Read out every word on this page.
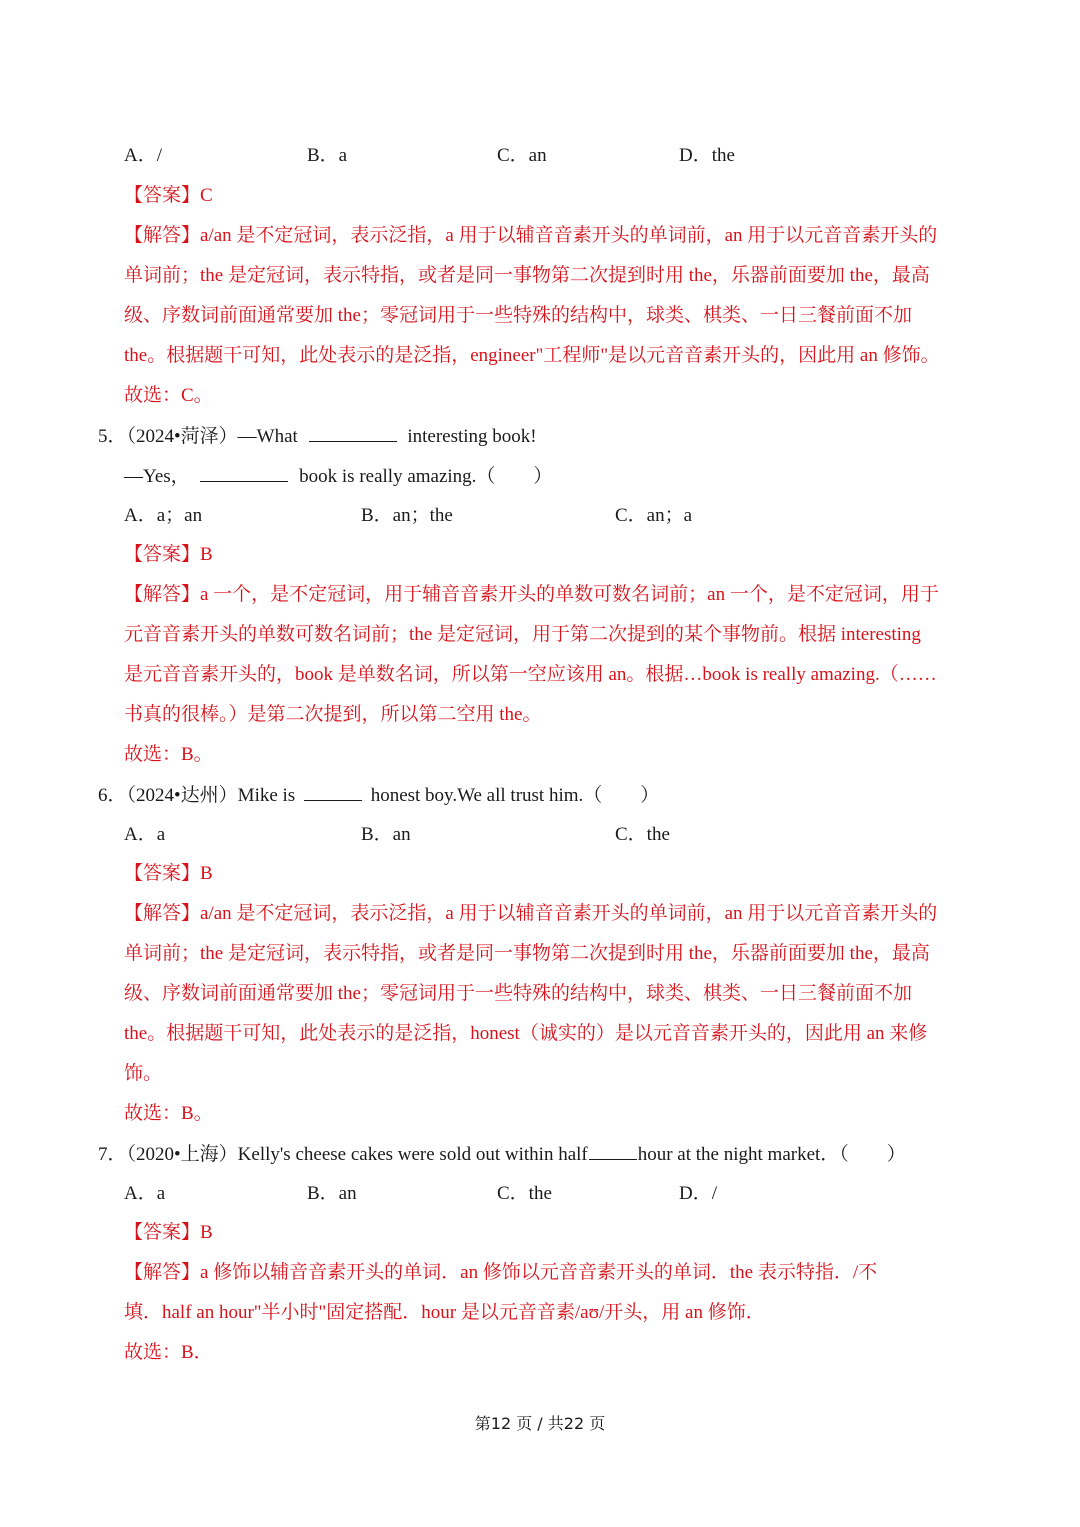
A．/	B．a	C．an	D．the
【答案】C
【解答】a/an 是不定冠词，表示泛指，a 用于以辅音音素开头的单词前，an 用于以元音音素开头的
单词前；the 是定冠词，表示特指，或者是同一事物第二次提到时用 the，乐器前面要加 the，最高
级、序数词前面通常要加 the；零冠词用于一些特殊的结构中，球类、棋类、一日三餐前面不加
the。根据题干可知，此处表示的是泛指，engineer"工程师"是以元音音素开头的，因此用 an 修饰。
故选：C。
5．（2024•菏泽）—What	interesting book!
—Yes，	book is really amazing.（　　）
A．a；an	B．an；the	C．an；a
【答案】B
【解答】a 一个，是不定冠词，用于辅音音素开头的单数可数名词前；an 一个，是不定冠词，用于
元音音素开头的单数可数名词前；the 是定冠词，用于第二次提到的某个事物前。根据 interesting
是元音音素开头的，book 是单数名词，所以第一空应该用 an。根据…book is really amazing.（……
书真的很棒。）是第二次提到，所以第二空用 the。
故选：B。
6．（2024•达州）Mike is	honest boy.We all trust him.（　　）
A．a	B．an	C．the
【答案】B
【解答】a/an 是不定冠词，表示泛指，a 用于以辅音音素开头的单词前，an 用于以元音音素开头的
单词前；the 是定冠词，表示特指，或者是同一事物第二次提到时用 the，乐器前面要加 the，最高
级、序数词前面通常要加 the；零冠词用于一些特殊的结构中，球类、棋类、一日三餐前面不加
the。根据题干可知，此处表示的是泛指，honest（诚实的）是以元音音素开头的，因此用 an 来修
饰。
故选：B。
7．（2020•上海）Kelly's cheese cakes were sold out within half	hour at the night market．（　　）
A．a	B．an	C．the	D．/
【答案】B
【解答】a 修饰以辅音音素开头的单词．an 修饰以元音音素开头的单词．the 表示特指．/不
填．half an hour"半小时"固定搭配．hour 是以元音音素/aʊ/开头，用 an 修饰．
故选：B．
第12 页 / 共22 页
